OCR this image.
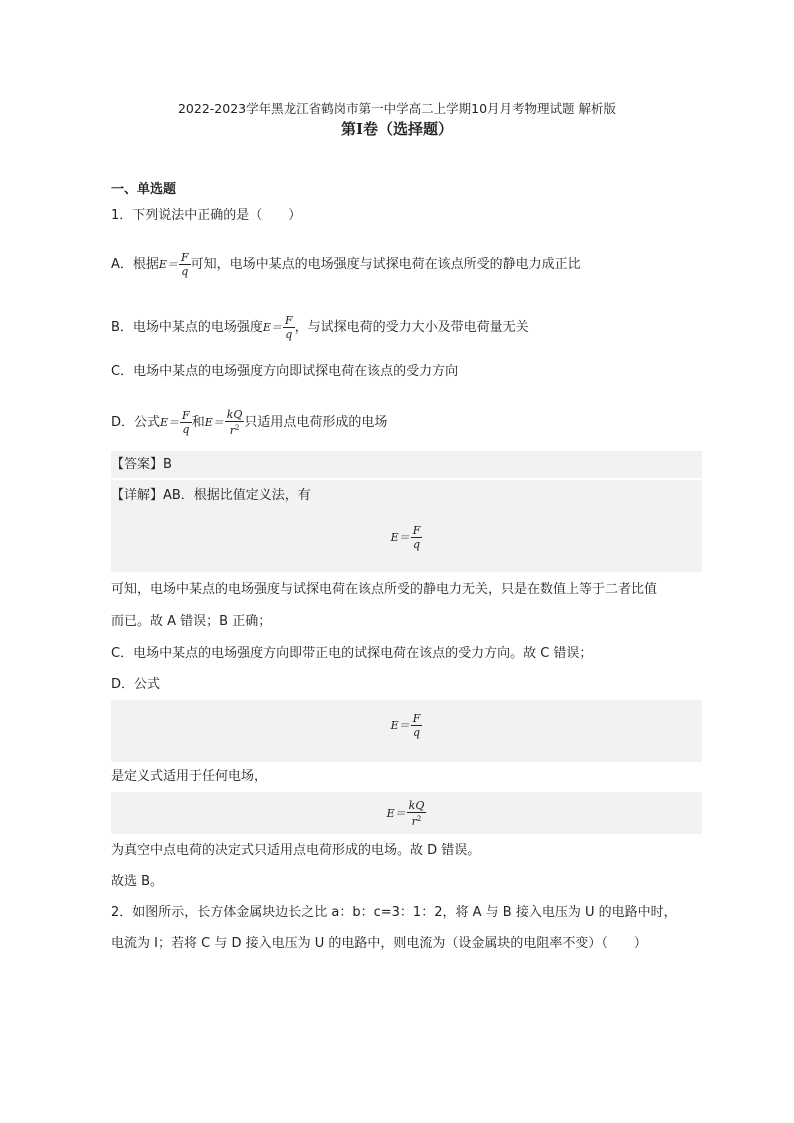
2022-2023学年黑龙江省鹤岗市第一中学高二上学期10月月考物理试题 解析版
第Ⅰ卷（选择题）
一、单选题
1．下列说法中正确的是（　　）
A．根据$E= \frac{F}{q}$ 可知，电场中某点的电场强度与试探电荷在该点所受的静电力成正比
B．电场中某点的电场强度$E= \frac{F}{q}$ ，与试探电荷的受力大小及带电荷量无关
C．电场中某点的电场强度方向即试探电荷在该点的受力方向
D．公式$E= \frac{F}{q}$ 和$E= \frac{kQ}{r^2}$ 只适用点电荷形成的电场
【答案】B
【详解】AB．根据比值定义法，有
$E= \frac{F}{q}$
可知，电场中某点的电场强度与试探电荷在该点所受的静电力无关，只是在数值上等于二者比值
而已。故 A 错误；B 正确；
C．电场中某点的电场强度方向即带正电的试探电荷在该点的受力方向。故 C 错误；
D．公式
$E= \frac{F}{q}$
是定义式适用于任何电场，
$E= \frac{kQ}{r^2}$
为真空中点电荷的决定式只适用点电荷形成的电场。故 D 错误。
故选 B。
2．如图所示，长方体金属块边长之比 a：b：c=3：1：2，将 A 与 B 接入电压为 U 的电路中时，
电流为 I；若将 C 与 D 接入电压为 U 的电路中，则电流为（设金属块的电阻率不变）（　　）
